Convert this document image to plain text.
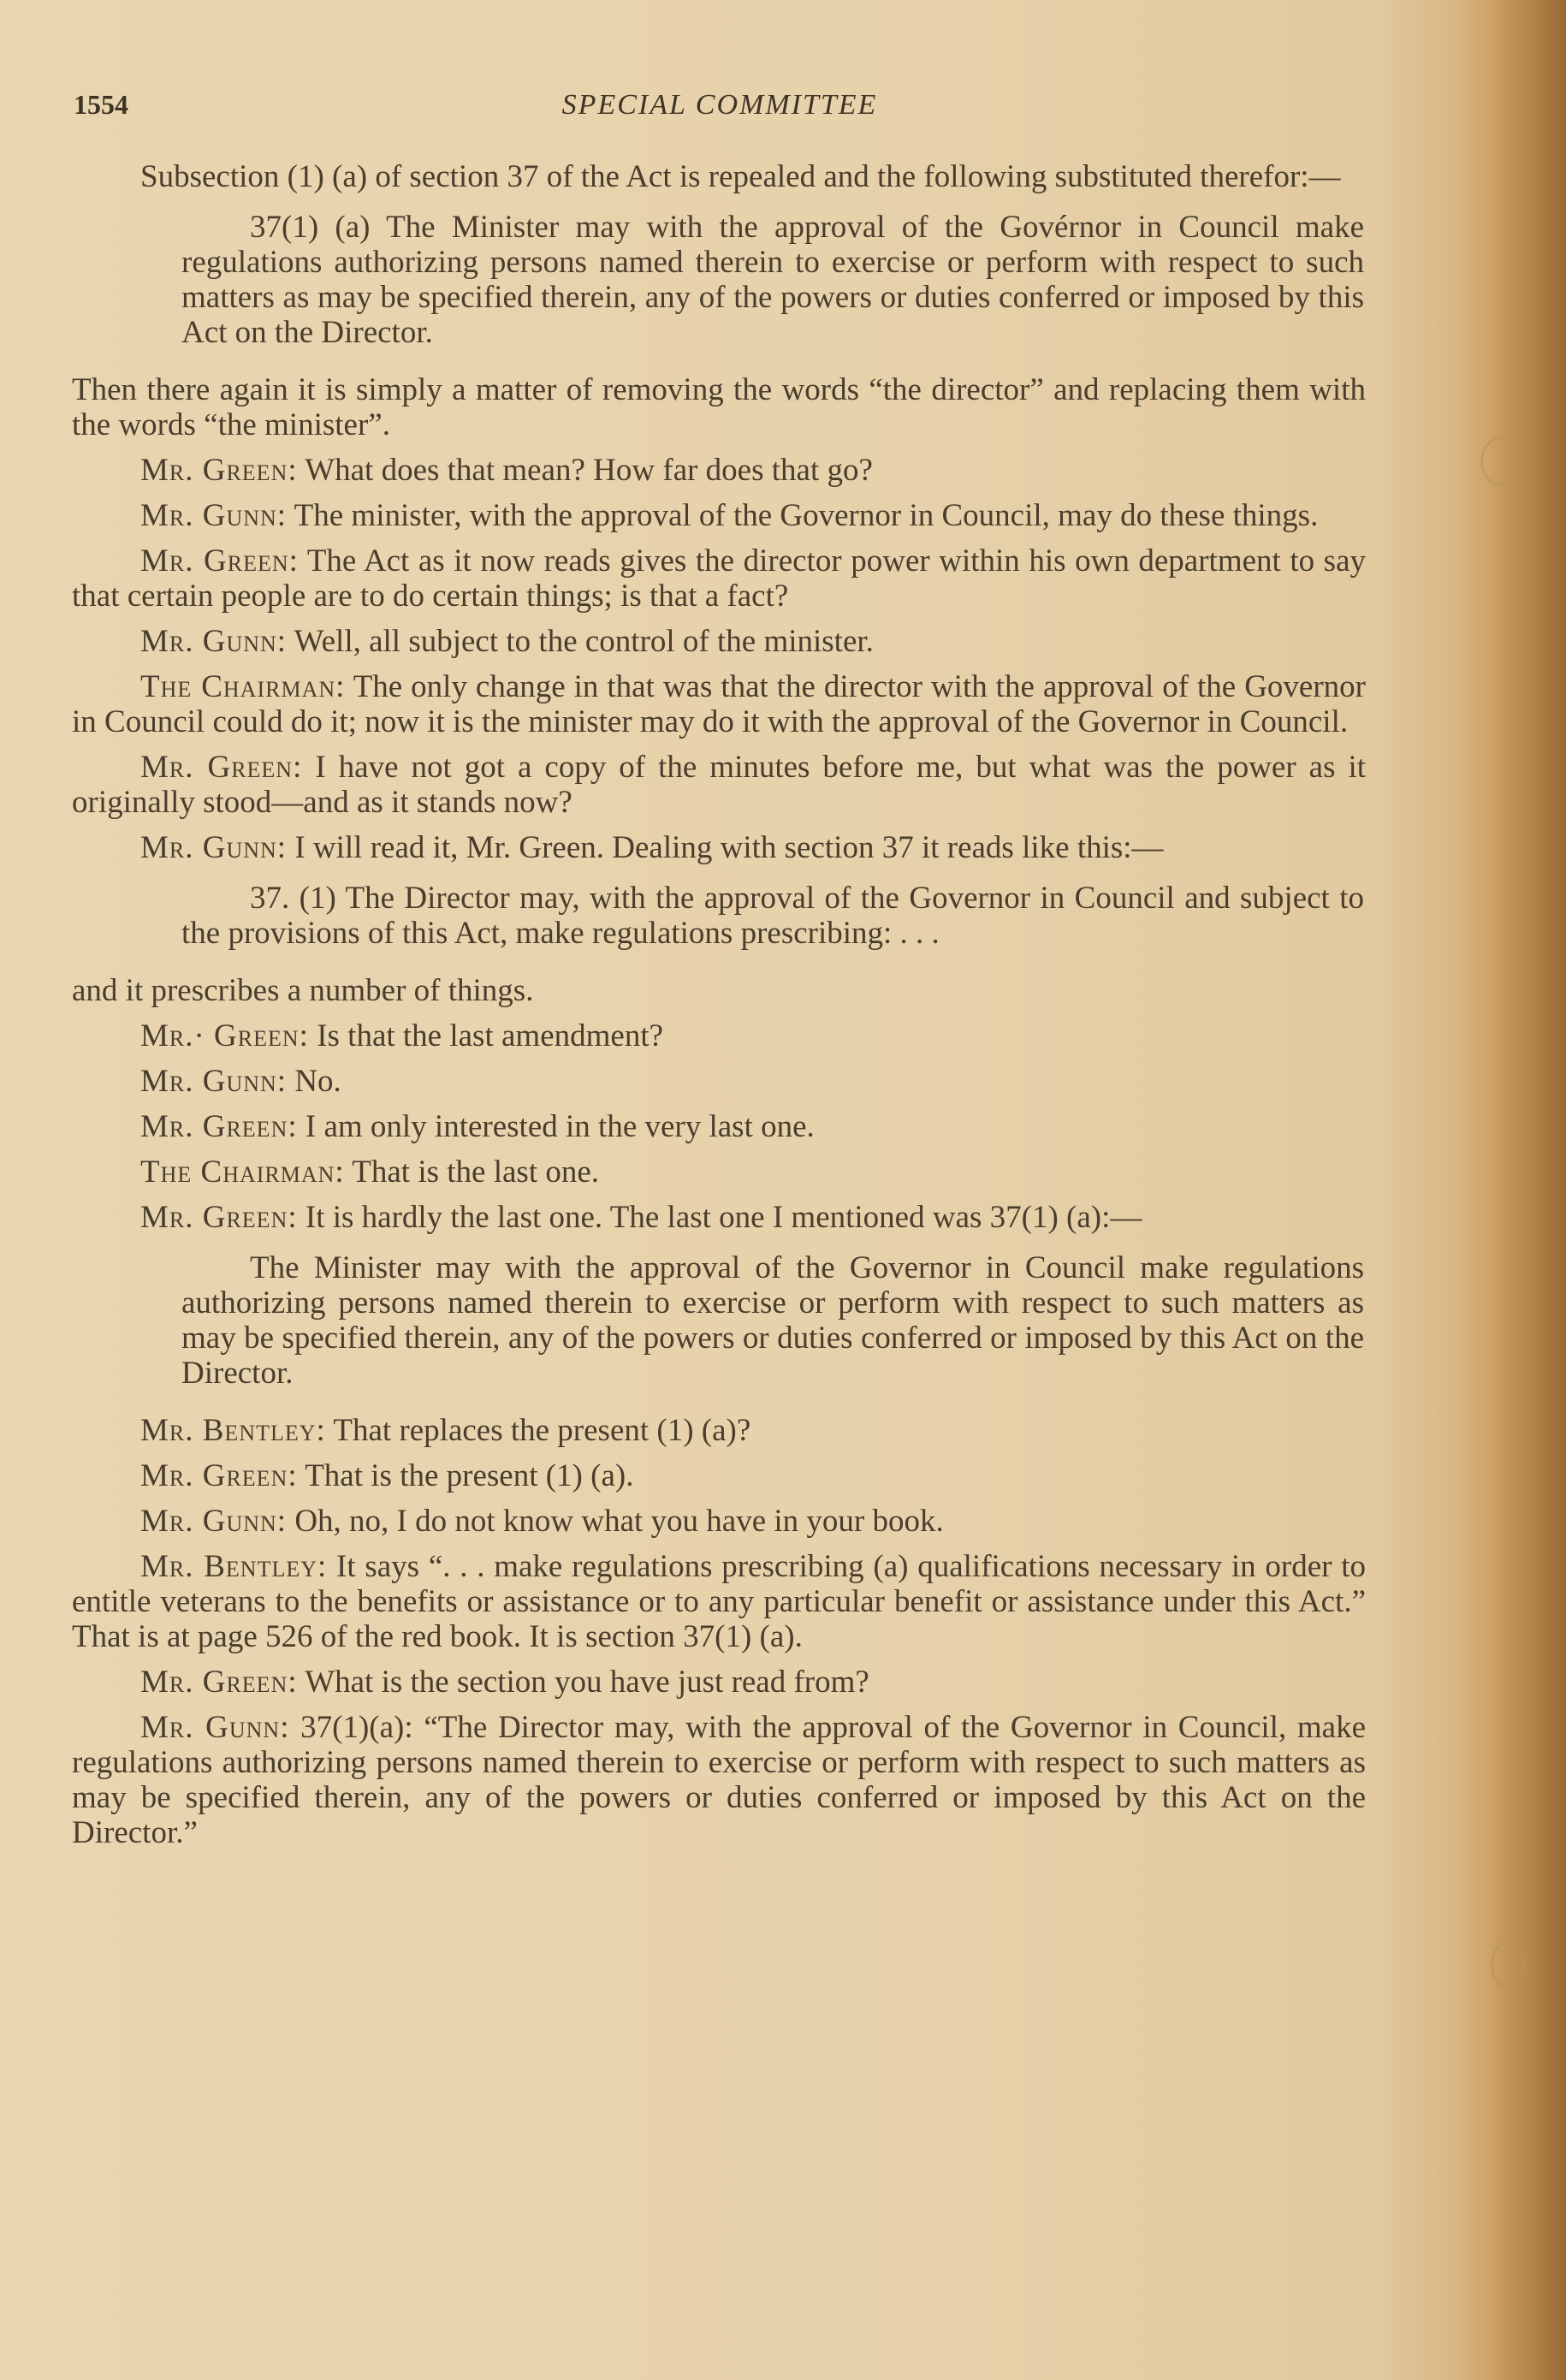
1554	SPECIAL COMMITTEE

Subsection (1) (a) of section 37 of the Act is repealed and the following substituted therefor:—

37(1) (a) The Minister may with the approval of the Govérnor in Council make regulations authorizing persons named therein to exercise or perform with respect to such matters as may be specified therein, any of the powers or duties conferred or imposed by this Act on the Director.

Then there again it is simply a matter of removing the words “the director” and replacing them with the words “the minister”.

Mr. Green: What does that mean? How far does that go?

Mr. Gunn: The minister, with the approval of the Governor in Council, may do these things.

Mr. Green: The Act as it now reads gives the director power within his own department to say that certain people are to do certain things; is that a fact?

Mr. Gunn: Well, all subject to the control of the minister.

The Chairman: The only change in that was that the director with the approval of the Governor in Council could do it; now it is the minister may do it with the approval of the Governor in Council.

Mr. Green: I have not got a copy of the minutes before me, but what was the power as it originally stood—and as it stands now?

Mr. Gunn: I will read it, Mr. Green. Dealing with section 37 it reads like this:—

37. (1) The Director may, with the approval of the Governor in Council and subject to the provisions of this Act, make regulations prescribing: . . .

and it prescribes a number of things.

Mr.· Green: Is that the last amendment?

Mr. Gunn: No.

Mr. Green: I am only interested in the very last one.

The Chairman: That is the last one.

Mr. Green: It is hardly the last one. The last one I mentioned was 37(1) (a):—

The Minister may with the approval of the Governor in Council make regulations authorizing persons named therein to exercise or perform with respect to such matters as may be specified therein, any of the powers or duties conferred or imposed by this Act on the Director.

Mr. Bentley: That replaces the present (1) (a)?

Mr. Green: That is the present (1) (a).

Mr. Gunn: Oh, no, I do not know what you have in your book.

Mr. Bentley: It says “. . . make regulations prescribing (a) qualifications necessary in order to entitle veterans to the benefits or assistance or to any particular benefit or assistance under this Act.” That is at page 526 of the red book. It is section 37(1) (a).

Mr. Green: What is the section you have just read from?

Mr. Gunn: 37(1)(a): “The Director may, with the approval of the Governor in Council, make regulations authorizing persons named therein to exercise or perform with respect to such matters as may be specified therein, any of the powers or duties conferred or imposed by this Act on the Director.”
